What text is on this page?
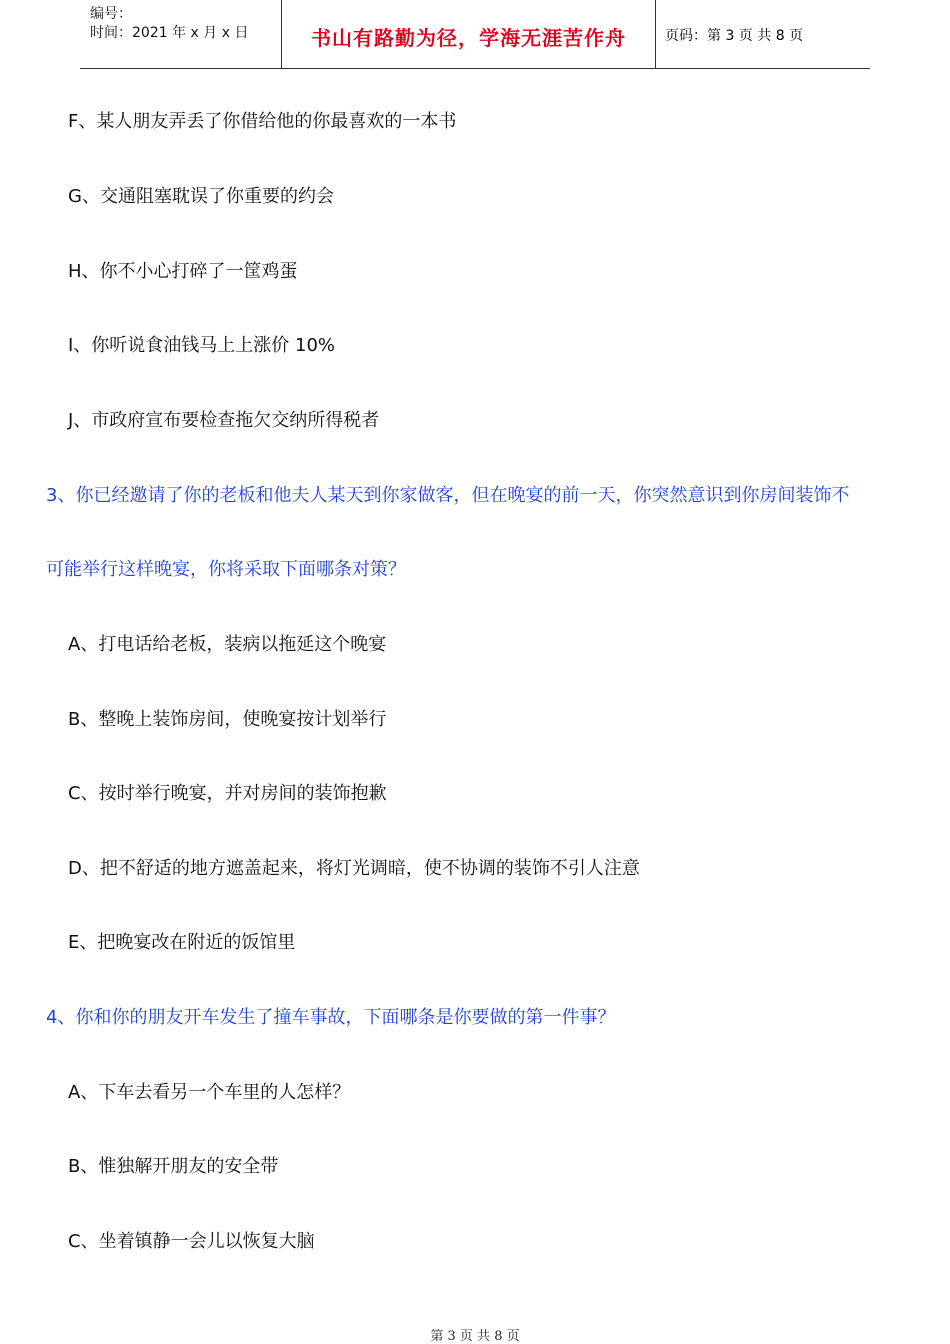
编号：
时间：2021 年 x 月 x 日	书山有路勤为径，学海无涯苦作舟	页码：第 3 页 共 8 页
F、某人朋友弄丢了你借给他的你最喜欢的一本书
G、交通阻塞耽误了你重要的约会
H、你不小心打碎了一筐鸡蛋
I、你听说食油钱马上上涨价 10%
J、市政府宣布要检查拖欠交纳所得税者
3、你已经邀请了你的老板和他夫人某天到你家做客，但在晚宴的前一天，你突然意识到你房间装饰不
可能举行这样晚宴，你将采取下面哪条对策？
A、打电话给老板，装病以拖延这个晚宴
B、整晚上装饰房间，使晚宴按计划举行
C、按时举行晚宴，并对房间的装饰抱歉
D、把不舒适的地方遮盖起来，将灯光调暗，使不协调的装饰不引人注意
E、把晚宴改在附近的饭馆里
4、你和你的朋友开车发生了撞车事故，下面哪条是你要做的第一件事？
A、下车去看另一个车里的人怎样？
B、惟独解开朋友的安全带
C、坐着镇静一会儿以恢复大脑
第 3 页 共 8 页
